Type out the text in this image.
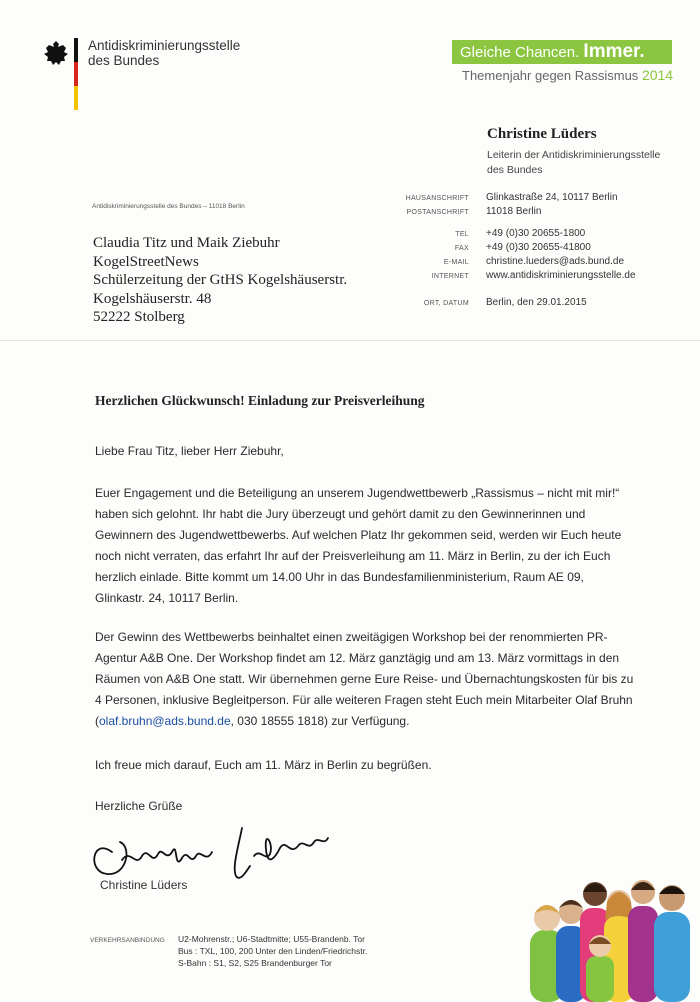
Antidiskriminierungsstelle
des Bundes	Gleiche Chancen. Immer.
Themenjahr gegen Rassismus 2014
Christine Lüders
Leiterin der Antidiskriminierungsstelle des Bundes
HAUSANSCHRIFT Glinkastraße 24, 10117 Berlin
POSTANSCHRIFT 11018 Berlin
TEL +49 (0)30 20655-1800
FAX +49 (0)30 20655-41800
E-MAIL christine.lueders@ads.bund.de
INTERNET www.antidiskriminierungsstelle.de
ORT, DATUM Berlin, den 29.01.2015
Antidiskriminierungsstelle des Bundes – 11018 Berlin
Claudia Titz und Maik Ziebuhr
KogelStreetNews
Schülerzeitung der GtHS Kogelshäuserstr.
Kogelshäuserstr. 48
52222 Stolberg
Herzlichen Glückwunsch! Einladung zur Preisverleihung
Liebe Frau Titz, lieber Herr Ziebuhr,
Euer Engagement und die Beteiligung an unserem Jugendwettbewerb „Rassismus – nicht mit mir!“
haben sich gelohnt. Ihr habt die Jury überzeugt und gehört damit zu den Gewinnerinnen und
Gewinnern des Jugendwettbewerbs. Auf welchen Platz Ihr gekommen seid, werden wir Euch heute
noch nicht verraten, das erfahrt Ihr auf der Preisverleihung am 11. März in Berlin, zu der ich Euch
herzlich einlade. Bitte kommt um 14.00 Uhr in das Bundesfamilienministerium, Raum AE 09,
Glinkastr. 24, 10117 Berlin.
Der Gewinn des Wettbewerbs beinhaltet einen zweitägigen Workshop bei der renommierten PR-
Agentur A&B One. Der Workshop findet am 12. März ganztägig und am 13. März vormittags in den
Räumen von A&B One statt. Wir übernehmen gerne Eure Reise- und Übernachtungskosten für bis zu
4 Personen, inklusive Begleitperson. Für alle weiteren Fragen steht Euch mein Mitarbeiter Olaf Bruhn
(olaf.bruhn@ads.bund.de, 030 18555 1818) zur Verfügung.
Ich freue mich darauf, Euch am 11. März in Berlin zu begrüßen.
Herzliche Grüße
Christine Lüders
VERKEHRSANBINDUNG U2-Mohrenstr.; U6-Stadtmitte; U55-Brandenb. Tor
Bus : TXL, 100, 200 Unter den Linden/Friedrichstr.
S-Bahn : S1, S2, S25 Brandenburger Tor
